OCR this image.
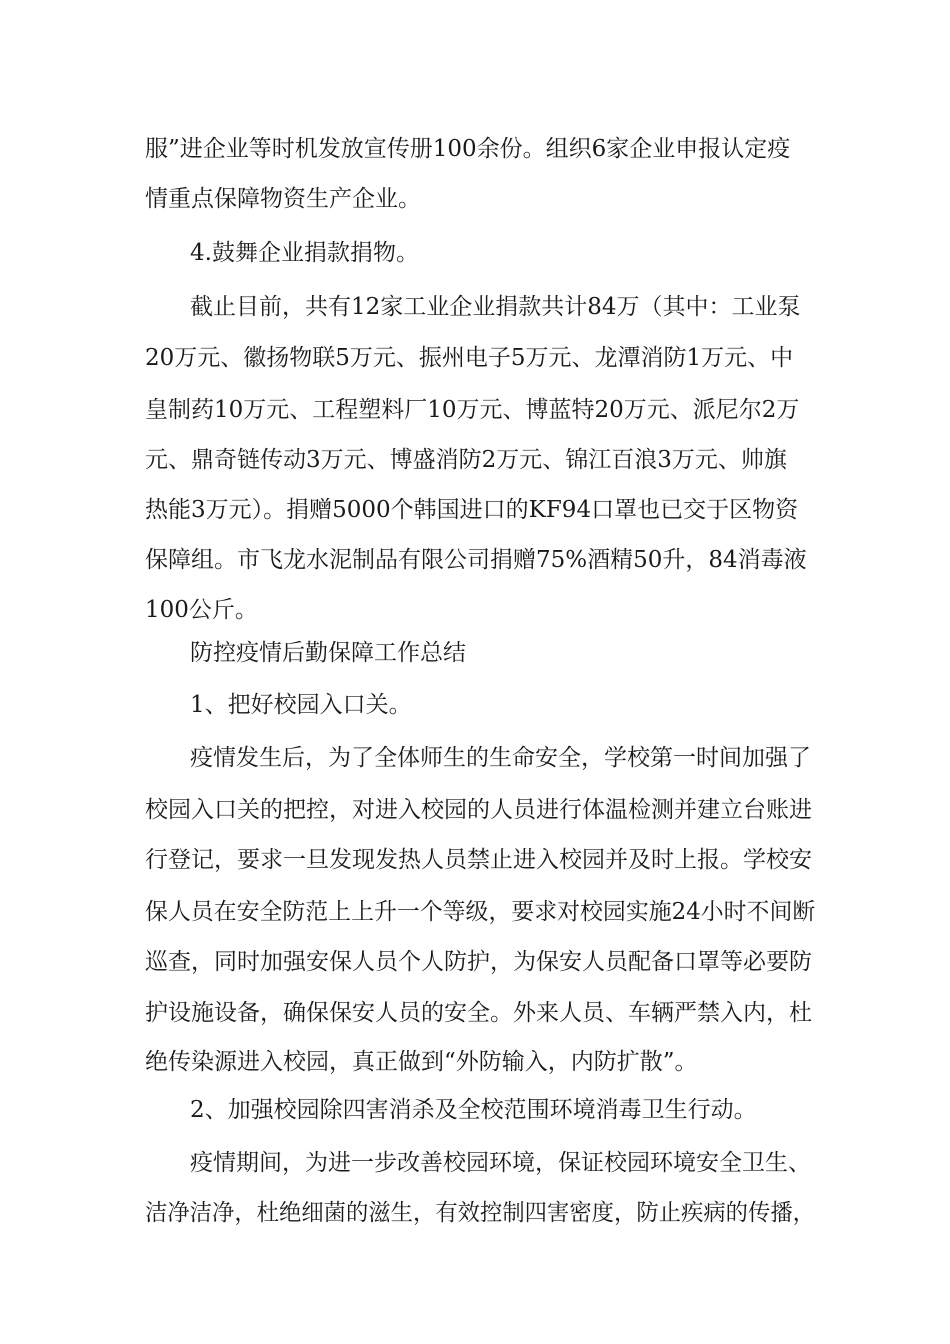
服”进企业等时机发放宣传册100余份。组织6家企业申报认定疫
情重点保障物资生产企业。
4.鼓舞企业捐款捐物。
截止目前，共有12家工业企业捐款共计84万（其中：工业泵
20万元、徽扬物联5万元、振州电子5万元、龙潭消防1万元、中
皇制药10万元、工程塑料厂10万元、博蓝特20万元、派尼尔2万
元、鼎奇链传动3万元、博盛消防2万元、锦江百浪3万元、帅旗
热能3万元）。捐赠5000个韩国进口的KF94口罩也已交于区物资
保障组。市飞龙水泥制品有限公司捐赠75%酒精50升，84消毒液
100公斤。
防控疫情后勤保障工作总结
1、把好校园入口关。
疫情发生后，为了全体师生的生命安全，学校第一时间加强了
校园入口关的把控，对进入校园的人员进行体温检测并建立台账进
行登记，要求一旦发现发热人员禁止进入校园并及时上报。学校安
保人员在安全防范上上升一个等级，要求对校园实施24小时不间断
巡查，同时加强安保人员个人防护，为保安人员配备口罩等必要防
护设施设备，确保保安人员的安全。外来人员、车辆严禁入内，杜
绝传染源进入校园，真正做到“外防输入，内防扩散”。
2、加强校园除四害消杀及全校范围环境消毒卫生行动。
疫情期间，为进一步改善校园环境，保证校园环境安全卫生、
洁净洁净，杜绝细菌的滋生，有效控制四害密度，防止疾病的传播，
